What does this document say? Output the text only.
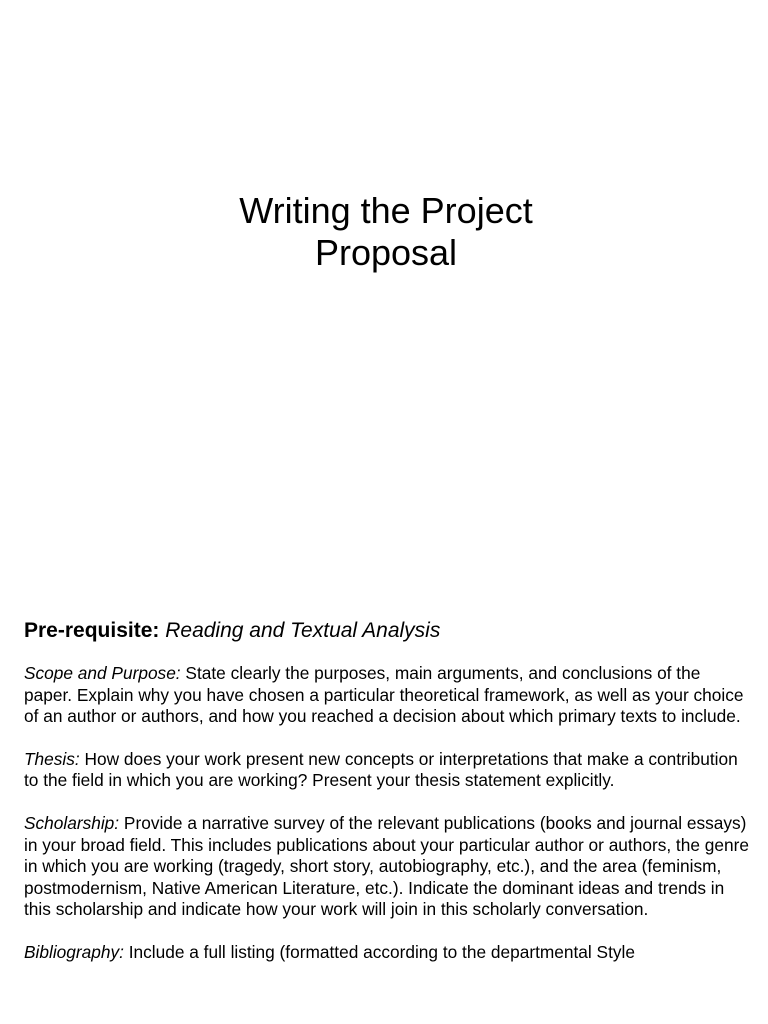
Writing the Project
Proposal

Pre-requisite: Reading and Textual Analysis

Scope and Purpose: State clearly the purposes, main arguments, and conclusions of the paper. Explain why you have chosen a particular theoretical framework, as well as your choice of an author or authors, and how you reached a decision about which primary texts to include.

Thesis: How does your work present new concepts or interpretations that make a contribution to the field in which you are working? Present your thesis statement explicitly.

Scholarship: Provide a narrative survey of the relevant publications (books and journal essays) in your broad field. This includes publications about your particular author or authors, the genre in which you are working (tragedy, short story, autobiography, etc.), and the area (feminism, postmodernism, Native American Literature, etc.). Indicate the dominant ideas and trends in this scholarship and indicate how your work will join in this scholarly conversation.

Bibliography: Include a full listing (formatted according to the departmental Style
